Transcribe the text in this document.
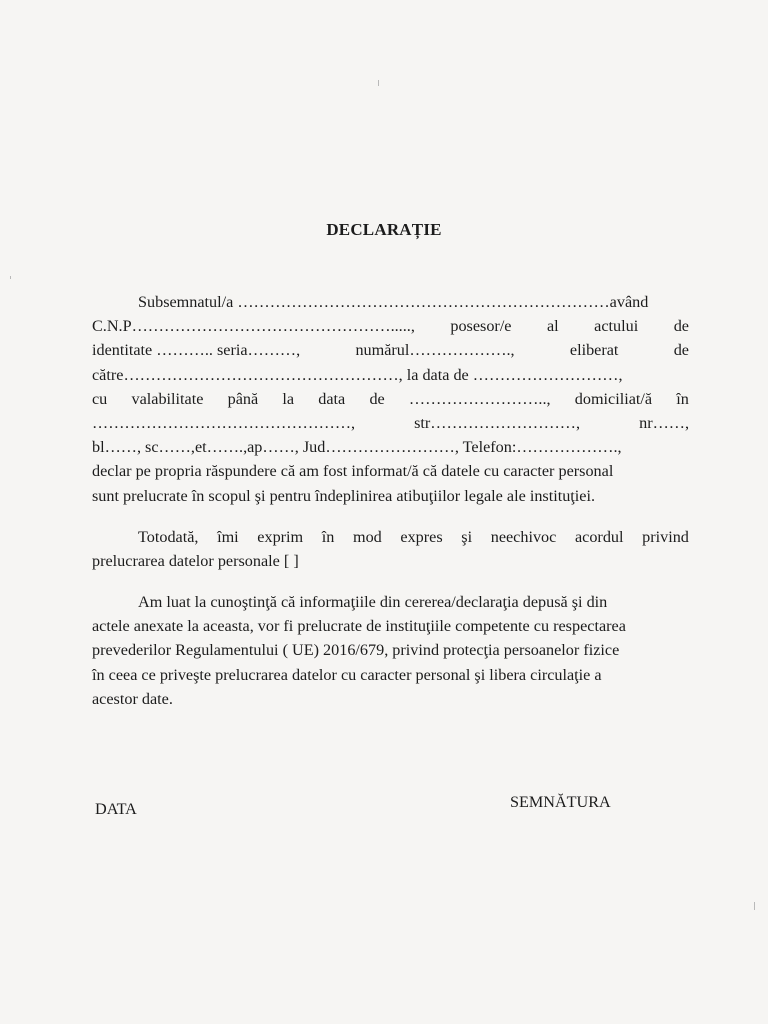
DECLARAȚIE
Subsemnatul/a ……………………………………………………………având
C.N.P…………………………………………....., posesor/e al actului de
identitate ……….. seria………,	numărul……………….,	eliberat	de
către……………………………………………, la data de ………………………,
cu valabilitate până la data de …………………….., domiciliat/ă în
…………………………………………,	str………………………,	nr……,
bl……, sc……,et…….,ap……, Jud……………………, Telefon:……………….,
declar pe propria răspundere că am fost informat/ă că datele cu caracter personal
sunt prelucrate în scopul şi pentru îndeplinirea atibuţiilor legale ale instituţiei.
Totodată, îmi exprim în mod expres şi neechivoc acordul privind
prelucrarea datelor personale [ ]
Am luat la cunoştinţă că informaţiile din cererea/declaraţia depusă şi din
actele anexate la aceasta, vor fi prelucrate de instituţiile competente cu respectarea
prevederilor Regulamentului ( UE) 2016/679, privind protecţia persoanelor fizice
în ceea ce priveşte prelucrarea datelor cu caracter personal şi libera circulaţie a
acestor date.
DATA	SEMNĂTURA
